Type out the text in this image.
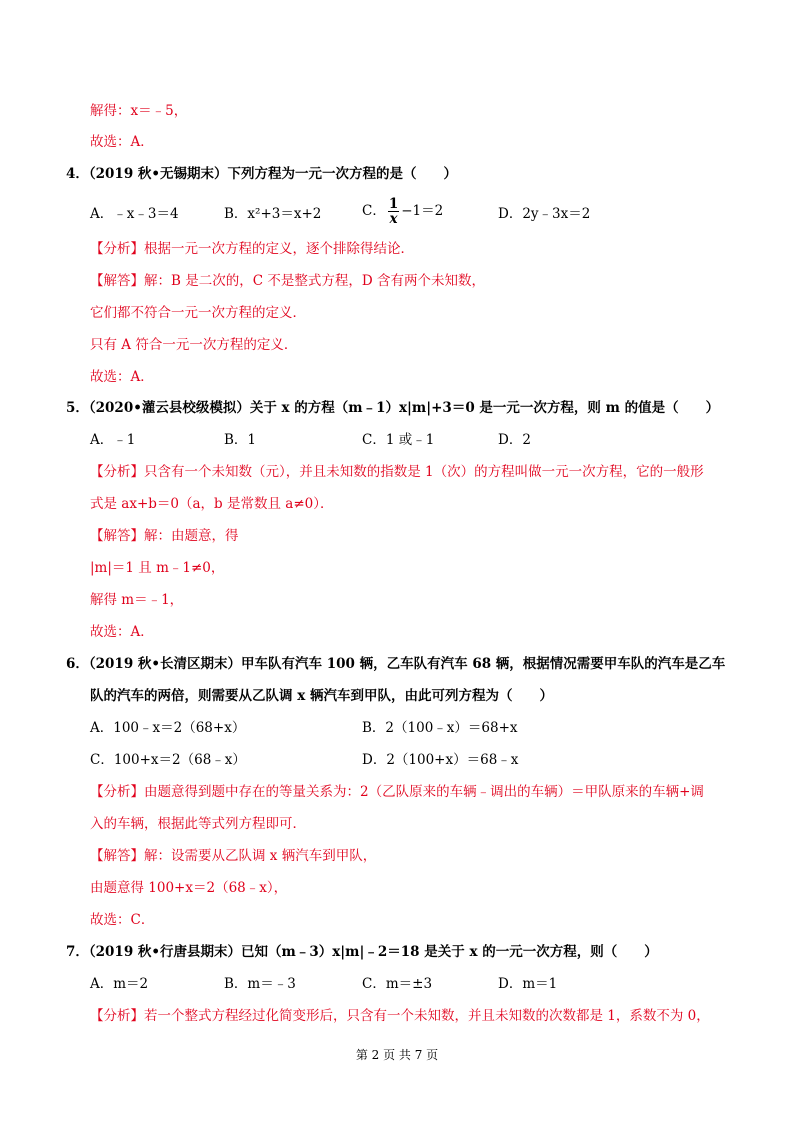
解得：x＝﹣5，
故选：A．
4．（2019 秋•无锡期末）下列方程为一元一次方程的是（　　）
A．﹣x﹣3＝4	B．x²+3＝x+2	C． $\frac{1}{x} -1=2$	D．2y﹣3x＝2
【分析】根据一元一次方程的定义，逐个排除得结论．
【解答】解：B 是二次的，C 不是整式方程，D 含有两个未知数，
它们都不符合一元一次方程的定义．
只有 A 符合一元一次方程的定义．
故选：A．
5．（2020•灌云县校级模拟）关于 x 的方程（m﹣1）x|m|+3＝0 是一元一次方程，则 m 的值是（　　）
A．﹣1	B．1	C．1 或﹣1	D．2
【分析】只含有一个未知数（元），并且未知数的指数是 1（次）的方程叫做一元一次方程，它的一般形
式是 ax+b＝0（a，b 是常数且 a≠0）．
【解答】解：由题意，得
|m|＝1 且 m﹣1≠0，
解得 m＝﹣1，
故选：A．
6．（2019 秋•长清区期末）甲车队有汽车 100 辆，乙车队有汽车 68 辆，根据情况需要甲车队的汽车是乙车
队的汽车的两倍，则需要从乙队调 x 辆汽车到甲队，由此可列方程为（　　）
A．100﹣x＝2（68+x）	B．2（100﹣x）＝68+x
C．100+x＝2（68﹣x）	D．2（100+x）＝68﹣x
【分析】由题意得到题中存在的等量关系为：2（乙队原来的车辆﹣调出的车辆）＝甲队原来的车辆+调
入的车辆，根据此等式列方程即可．
【解答】解：设需要从乙队调 x 辆汽车到甲队，
由题意得 100+x＝2（68﹣x），
故选：C．
7．（2019 秋•行唐县期末）已知（m﹣3）x|m|﹣2＝18 是关于 x 的一元一次方程，则（　　）
A．m＝2	B．m＝﹣3	C．m＝±3	D．m＝1
【分析】若一个整式方程经过化简变形后，只含有一个未知数，并且未知数的次数都是 1，系数不为 0，
第 2 页 共 7 页
